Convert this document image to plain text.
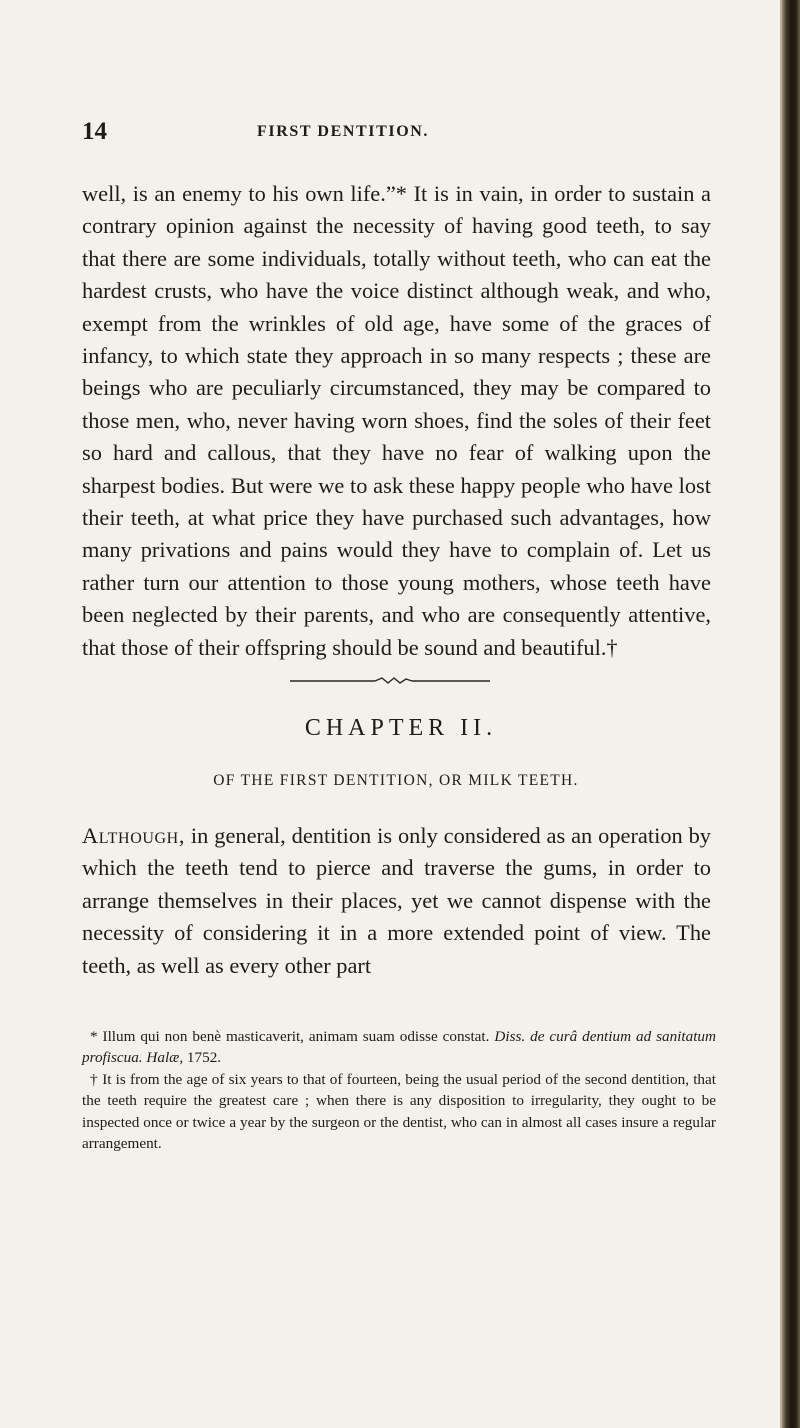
14	FIRST DENTITION.

well, is an enemy to his own life.”* It is in vain, in order to sustain a contrary opinion against the necessity of having good teeth, to say that there are some individuals, totally without teeth, who can eat the hardest crusts, who have the voice distinct although weak, and who, exempt from the wrinkles of old age, have some of the graces of infancy, to which state they approach in so many respects ; these are beings who are peculiarly circumstanced, they may be compared to those men, who, never having worn shoes, find the soles of their feet so hard and callous, that they have no fear of walking upon the sharpest bodies. But were we to ask these happy people who have lost their teeth, at what price they have purchased such advantages, how many privations and pains would they have to complain of. Let us rather turn our attention to those young mothers, whose teeth have been neglected by their parents, and who are consequently attentive, that those of their offspring should be sound and beautiful.†

CHAPTER II.
OF THE FIRST DENTITION, OR MILK TEETH.

Although, in general, dentition is only considered as an operation by which the teeth tend to pierce and traverse the gums, in order to arrange themselves in their places, yet we cannot dispense with the necessity of considering it in a more extended point of view. The teeth, as well as every other part

* Illum qui non benè masticaverit, animam suam odisse constat. Diss. de curâ dentium ad sanitatum profiscua. Halæ, 1752.

† It is from the age of six years to that of fourteen, being the usual period of the second dentition, that the teeth require the greatest care ; when there is any disposition to irregularity, they ought to be inspected once or twice a year by the surgeon or the dentist, who can in almost all cases insure a regular arrangement.
